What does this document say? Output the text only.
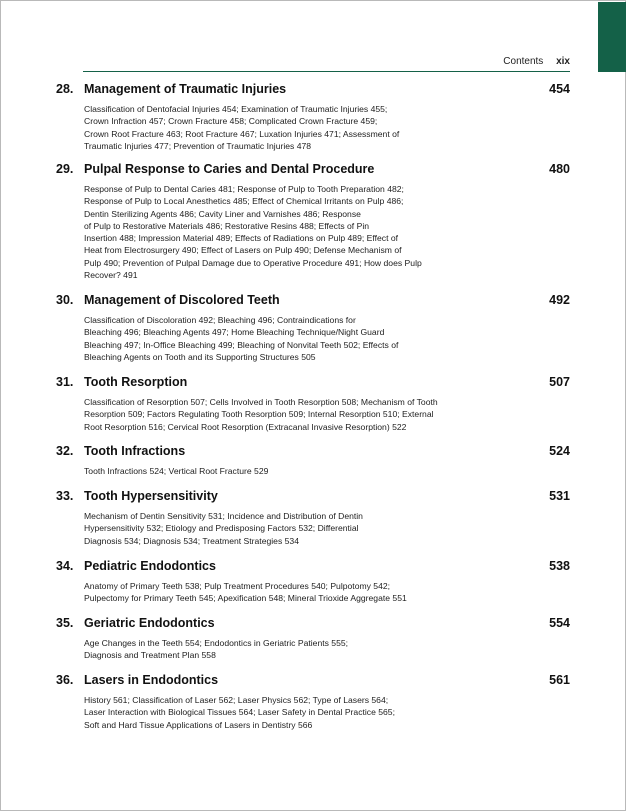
Contents xix
28. Management of Traumatic Injuries	454
Classification of Dentofacial Injuries 454; Examination of Traumatic Injuries 455;
Crown Infraction 457; Crown Fracture 458; Complicated Crown Fracture 459;
Crown Root Fracture 463; Root Fracture 467; Luxation Injuries 471; Assessment of
Traumatic Injuries 477; Prevention of Traumatic Injuries 478
29. Pulpal Response to Caries and Dental Procedure	480
Response of Pulp to Dental Caries 481; Response of Pulp to Tooth Preparation 482;
Response of Pulp to Local Anesthetics 485; Effect of Chemical Irritants on Pulp 486;
Dentin Sterilizing Agents 486; Cavity Liner and Varnishes 486; Response
of Pulp to Restorative Materials 486; Restorative Resins 488; Effects of Pin
Insertion 488; Impression Material 489; Effects of Radiations on Pulp 489; Effect of
Heat from Electrosurgery 490; Effect of Lasers on Pulp 490; Defense Mechanism of
Pulp 490; Prevention of Pulpal Damage due to Operative Procedure 491; How does Pulp
Recover? 491
30. Management of Discolored Teeth	492
Classification of Discoloration 492; Bleaching 496; Contraindications for
Bleaching 496; Bleaching Agents 497; Home Bleaching Technique/Night Guard
Bleaching 497; In-Office Bleaching 499; Bleaching of Nonvital Teeth 502; Effects of
Bleaching Agents on Tooth and its Supporting Structures 505
31. Tooth Resorption	507
Classification of Resorption 507; Cells Involved in Tooth Resorption 508; Mechanism of Tooth
Resorption 509; Factors Regulating Tooth Resorption 509; Internal Resorption 510; External
Root Resorption 516; Cervical Root Resorption (Extracanal Invasive Resorption) 522
32. Tooth Infractions	524
Tooth Infractions 524; Vertical Root Fracture 529
33. Tooth Hypersensitivity	531
Mechanism of Dentin Sensitivity 531; Incidence and Distribution of Dentin
Hypersensitivity 532; Etiology and Predisposing Factors 532; Differential
Diagnosis 534; Diagnosis 534; Treatment Strategies 534
34. Pediatric Endodontics	538
Anatomy of Primary Teeth 538; Pulp Treatment Procedures 540; Pulpotomy 542;
Pulpectomy for Primary Teeth 545; Apexification 548; Mineral Trioxide Aggregate 551
35. Geriatric Endodontics	554
Age Changes in the Teeth 554; Endodontics in Geriatric Patients 555;
Diagnosis and Treatment Plan 558
36. Lasers in Endodontics	561
History 561; Classification of Laser 562; Laser Physics 562; Type of Lasers 564;
Laser Interaction with Biological Tissues 564; Laser Safety in Dental Practice 565;
Soft and Hard Tissue Applications of Lasers in Dentistry 566
